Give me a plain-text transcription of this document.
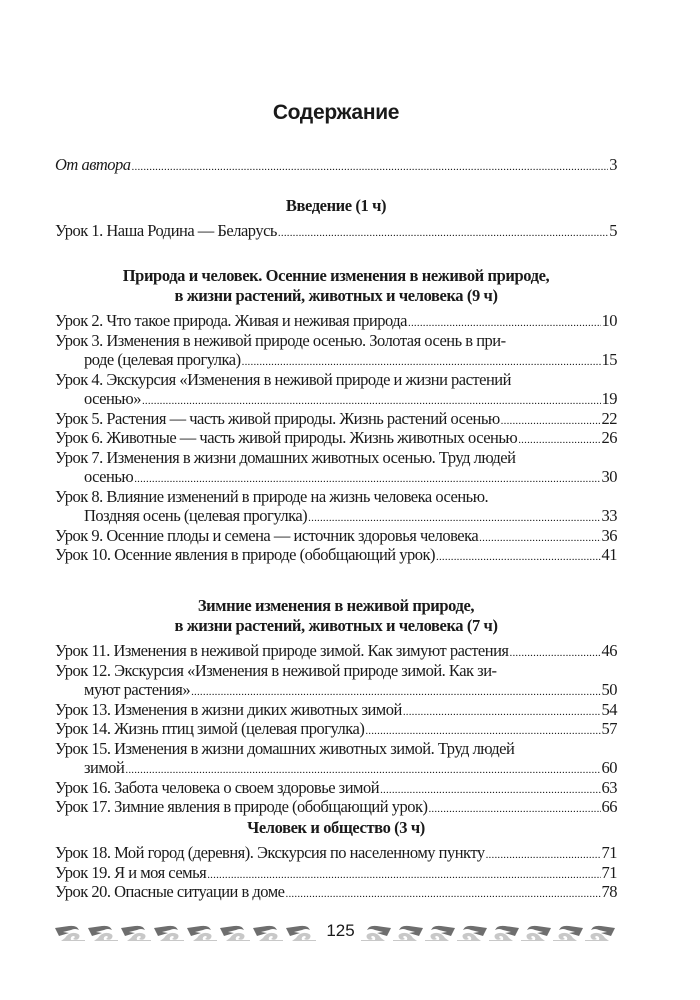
Содержание
От автора .....	3
Введение (1 ч)
Урок 1. Наша Родина — Беларусь .....	5
Природа и человек. Осенние изменения в неживой природе,
в жизни растений, животных и человека (9 ч)
Урок 2. Что такое природа. Живая и неживая природа .....	10
Урок 3. Изменения в неживой природе осенью. Золотая осень в при-
роде (целевая прогулка) .....	15
Урок 4. Экскурсия «Изменения в неживой природе и жизни растений
осенью» .....	19
Урок 5. Растения — часть живой природы. Жизнь растений осенью .....	22
Урок 6. Животные — часть живой природы. Жизнь животных осенью .....	26
Урок 7. Изменения в жизни домашних животных осенью. Труд людей
осенью .....	30
Урок 8. Влияние изменений в природе на жизнь человека осенью.
Поздняя осень (целевая прогулка) .....	33
Урок 9. Осенние плоды и семена — источник здоровья человека .....	36
Урок 10. Осенние явления в природе (обобщающий урок) .....	41
Зимние изменения в неживой природе,
в жизни растений, животных и человека (7 ч)
Урок 11. Изменения в неживой природе зимой. Как зимуют растения .....	46
Урок 12. Экскурсия «Изменения в неживой природе зимой. Как зи-
муют растения» .....	50
Урок 13. Изменения в жизни диких животных зимой .....	54
Урок 14. Жизнь птиц зимой (целевая прогулка) .....	57
Урок 15. Изменения в жизни домашних животных зимой. Труд людей
зимой .....	60
Урок 16. Забота человека о своем здоровье зимой .....	63
Урок 17. Зимние явления в природе (обобщающий урок) .....	66
Человек и общество (3 ч)
Урок 18. Мой город (деревня). Экскурсия по населенному пункту .....	71
Урок 19. Я и моя семья .....	71
Урок 20. Опасные ситуации в доме .....	78
125
